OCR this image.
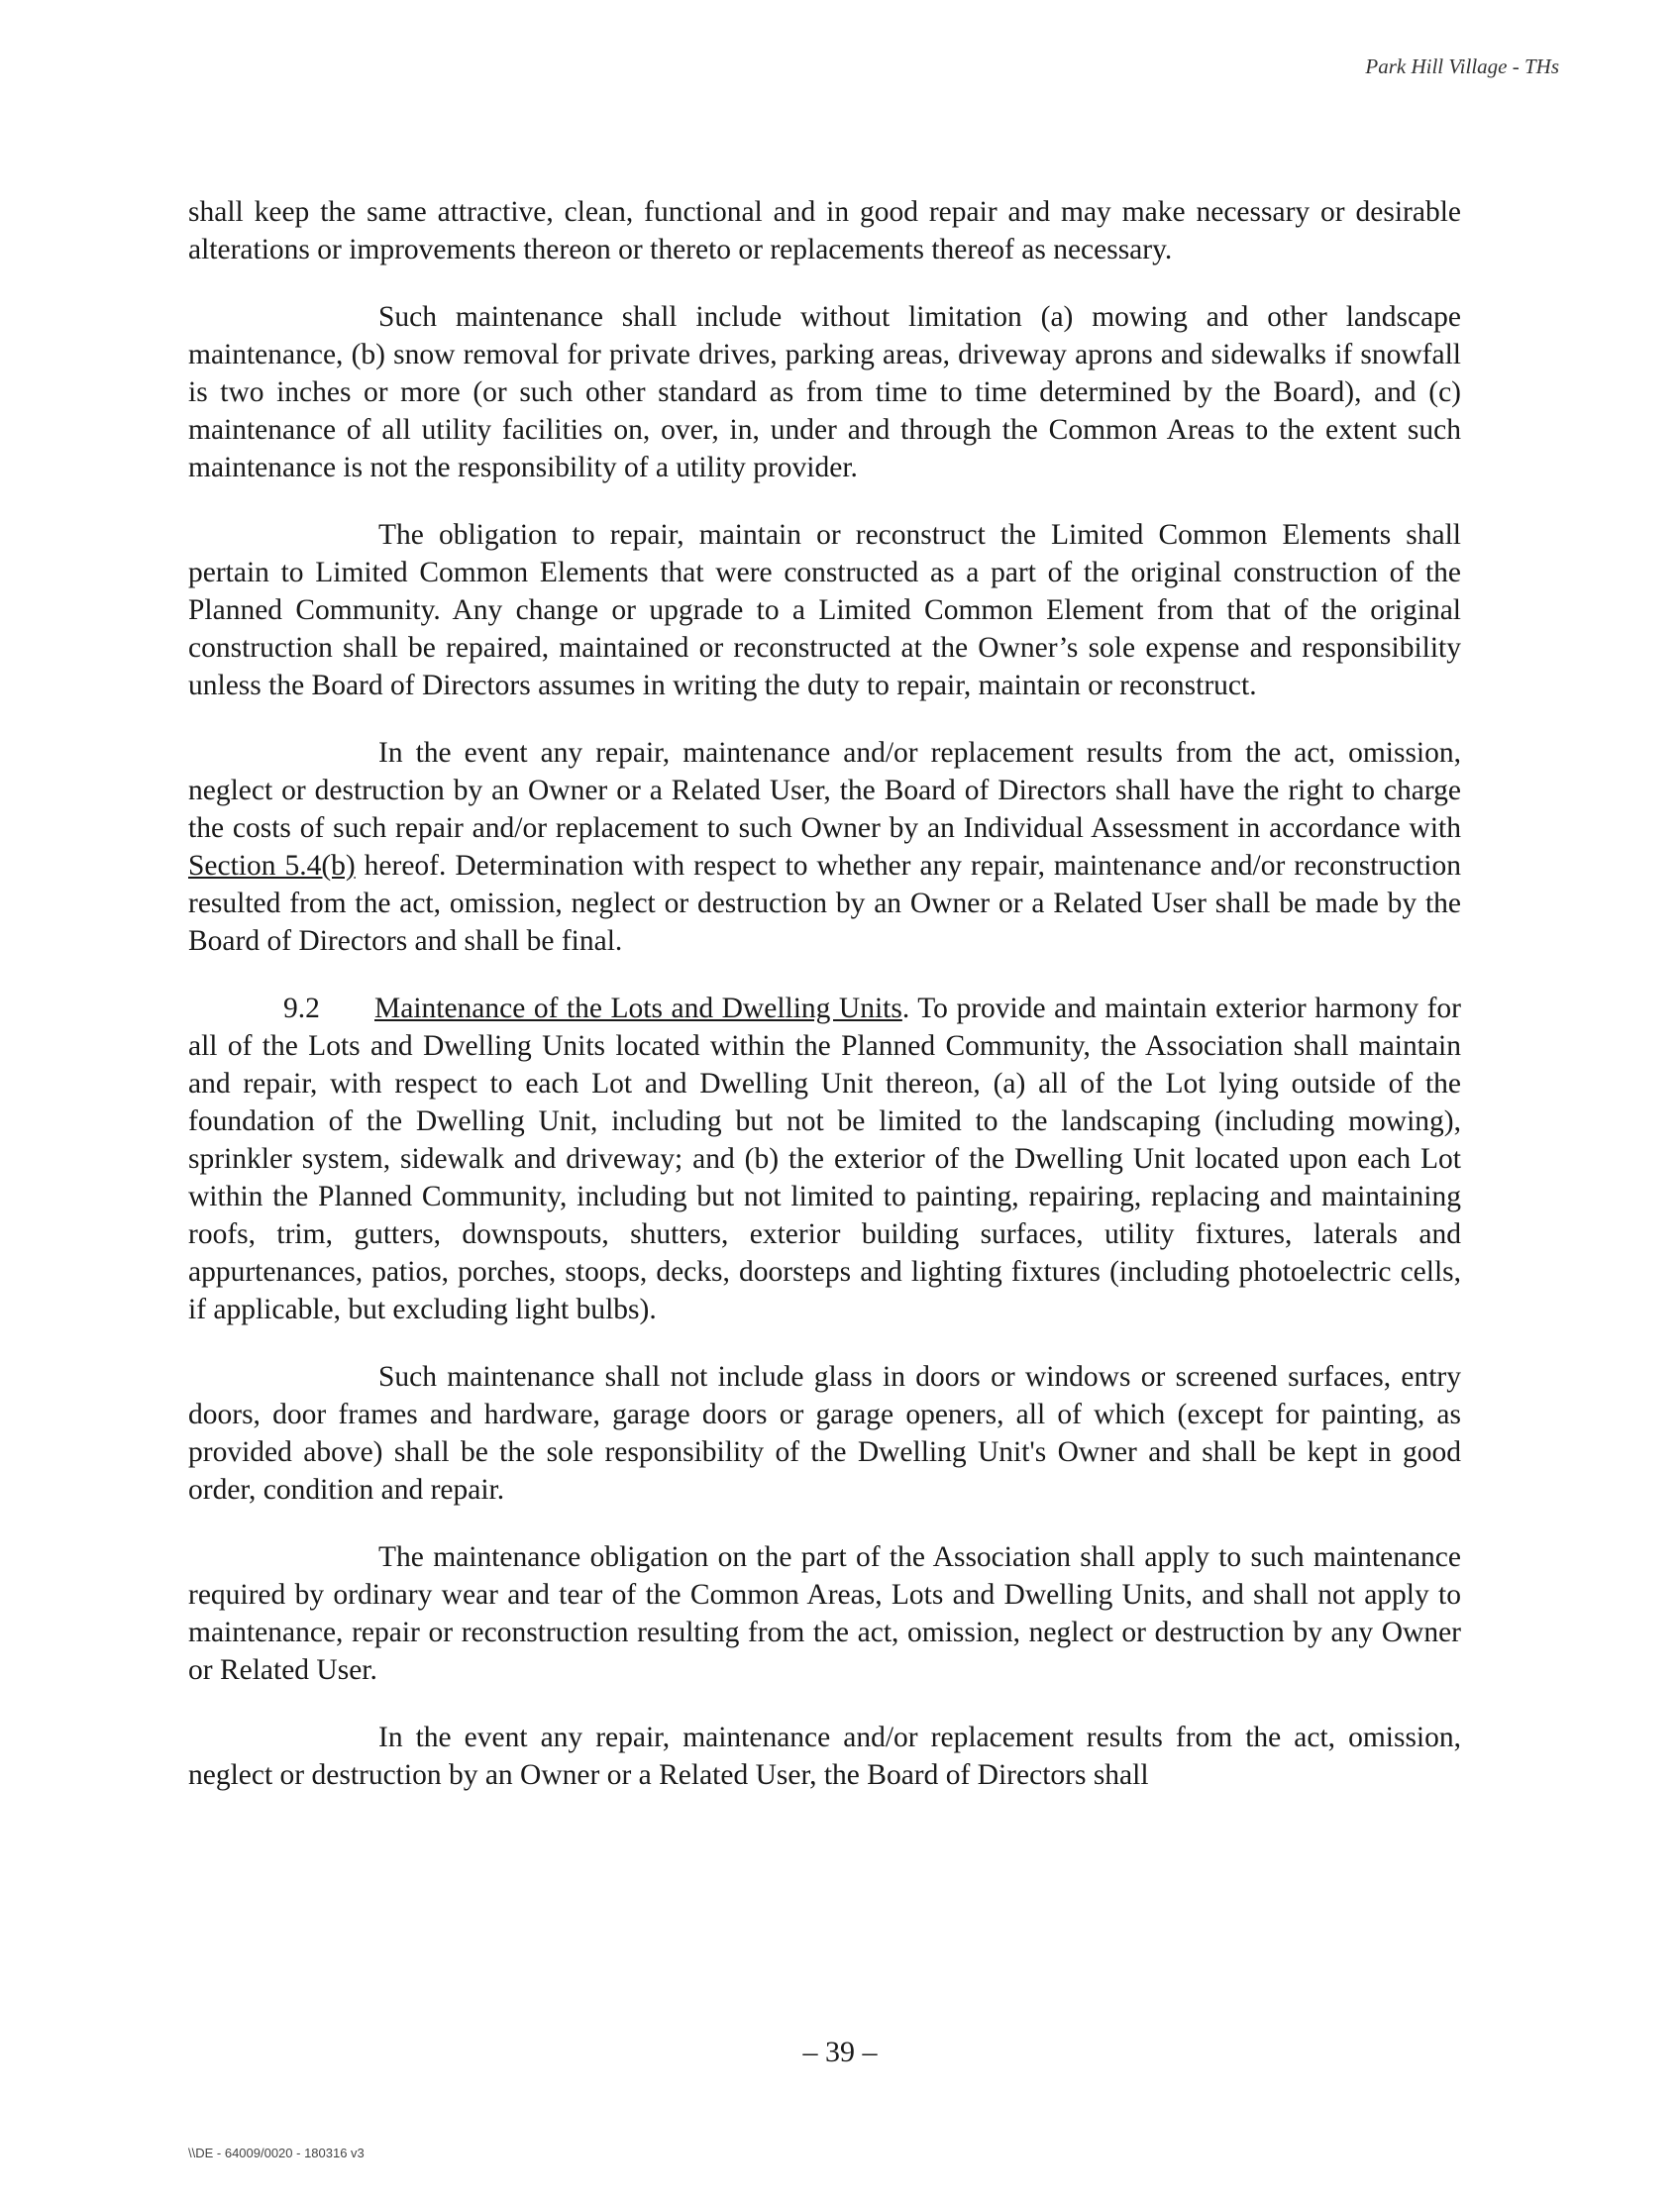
Park Hill Village - THs

shall keep the same attractive, clean, functional and in good repair and may make necessary or desirable alterations or improvements thereon or thereto or replacements thereof as necessary.

Such maintenance shall include without limitation (a) mowing and other landscape maintenance, (b) snow removal for private drives, parking areas, driveway aprons and sidewalks if snowfall is two inches or more (or such other standard as from time to time determined by the Board), and (c) maintenance of all utility facilities on, over, in, under and through the Common Areas to the extent such maintenance is not the responsibility of a utility provider.

The obligation to repair, maintain or reconstruct the Limited Common Elements shall pertain to Limited Common Elements that were constructed as a part of the original construction of the Planned Community. Any change or upgrade to a Limited Common Element from that of the original construction shall be repaired, maintained or reconstructed at the Owner’s sole expense and responsibility unless the Board of Directors assumes in writing the duty to repair, maintain or reconstruct.

In the event any repair, maintenance and/or replacement results from the act, omission, neglect or destruction by an Owner or a Related User, the Board of Directors shall have the right to charge the costs of such repair and/or replacement to such Owner by an Individual Assessment in accordance with Section 5.4(b) hereof. Determination with respect to whether any repair, maintenance and/or reconstruction resulted from the act, omission, neglect or destruction by an Owner or a Related User shall be made by the Board of Directors and shall be final.

9.2 Maintenance of the Lots and Dwelling Units. To provide and maintain exterior harmony for all of the Lots and Dwelling Units located within the Planned Community, the Association shall maintain and repair, with respect to each Lot and Dwelling Unit thereon, (a) all of the Lot lying outside of the foundation of the Dwelling Unit, including but not be limited to the landscaping (including mowing), sprinkler system, sidewalk and driveway; and (b) the exterior of the Dwelling Unit located upon each Lot within the Planned Community, including but not limited to painting, repairing, replacing and maintaining roofs, trim, gutters, downspouts, shutters, exterior building surfaces, utility fixtures, laterals and appurtenances, patios, porches, stoops, decks, doorsteps and lighting fixtures (including photoelectric cells, if applicable, but excluding light bulbs).

Such maintenance shall not include glass in doors or windows or screened surfaces, entry doors, door frames and hardware, garage doors or garage openers, all of which (except for painting, as provided above) shall be the sole responsibility of the Dwelling Unit's Owner and shall be kept in good order, condition and repair.

The maintenance obligation on the part of the Association shall apply to such maintenance required by ordinary wear and tear of the Common Areas, Lots and Dwelling Units, and shall not apply to maintenance, repair or reconstruction resulting from the act, omission, neglect or destruction by any Owner or Related User.

In the event any repair, maintenance and/or replacement results from the act, omission, neglect or destruction by an Owner or a Related User, the Board of Directors shall

– 39 –
\\DE - 64009/0020 - 180316 v3
